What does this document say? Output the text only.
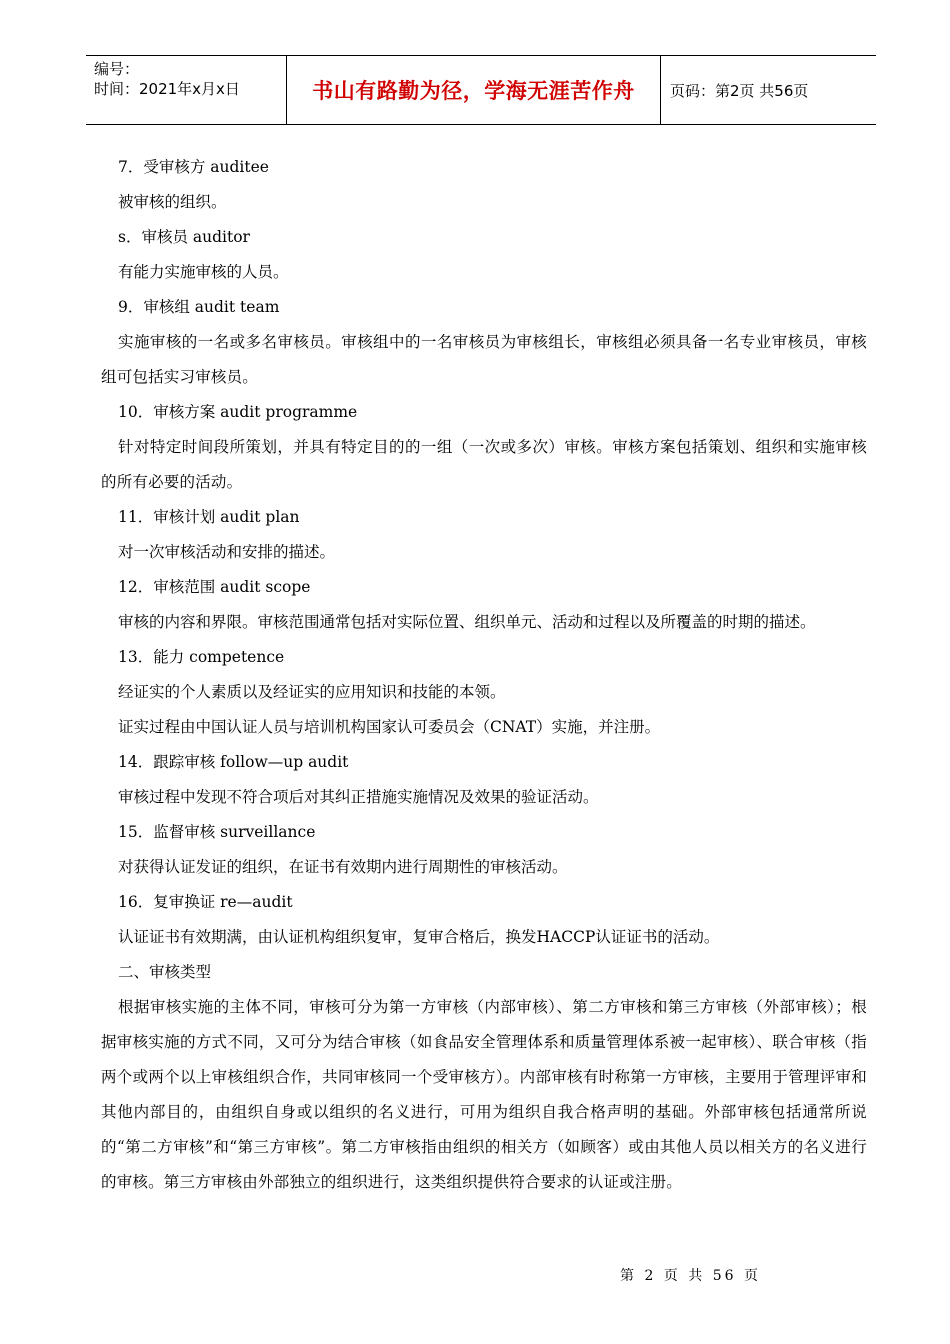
编号：
时间：2021年x月x日	书山有路勤为径，学海无涯苦作舟 页码：第2页 共56页

7．受审核方 auditee

被审核的组织。

s．审核员 auditor

有能力实施审核的人员。

9．审核组 audit team

实施审核的一名或多名审核员。审核组中的一名审核员为审核组长，审核组必须具备一名专业审核员，审核组可包括实习审核员。

10．审核方案 audit programme

针对特定时间段所策划，并具有特定目的的一组（一次或多次）审核。审核方案包括策划、组织和实施审核的所有必要的活动。

11．审核计划 audit plan

对一次审核活动和安排的描述。

12．审核范围 audit scope

审核的内容和界限。审核范围通常包括对实际位置、组织单元、活动和过程以及所覆盖的时期的描述。

13．能力 competence

经证实的个人素质以及经证实的应用知识和技能的本领。

证实过程由中国认证人员与培训机构国家认可委员会（CNAT）实施，并注册。

14．跟踪审核 follow—up audit

审核过程中发现不符合项后对其纠正措施实施情况及效果的验证活动。

15．监督审核 surveillance

对获得认证发证的组织，在证书有效期内进行周期性的审核活动。

16．复审换证 re—audit

认证证书有效期满，由认证机构组织复审，复审合格后，换发HACCP认证证书的活动。

二、审核类型

根据审核实施的主体不同，审核可分为第一方审核（内部审核）、第二方审核和第三方审核（外部审核）；根据审核实施的方式不同，又可分为结合审核（如食品安全管理体系和质量管理体系被一起审核）、联合审核（指两个或两个以上审核组织合作，共同审核同一个受审核方）。内部审核有时称第一方审核，主要用于管理评审和其他内部目的，由组织自身或以组织的名义进行，可用为组织自我合格声明的基础。外部审核包括通常所说的“第二方审核”和“第三方审核”。第二方审核指由组织的相关方（如顾客）或由其他人员以相关方的名义进行的审核。第三方审核由外部独立的组织进行，这类组织提供符合要求的认证或注册。

第 2 页 共 56 页
